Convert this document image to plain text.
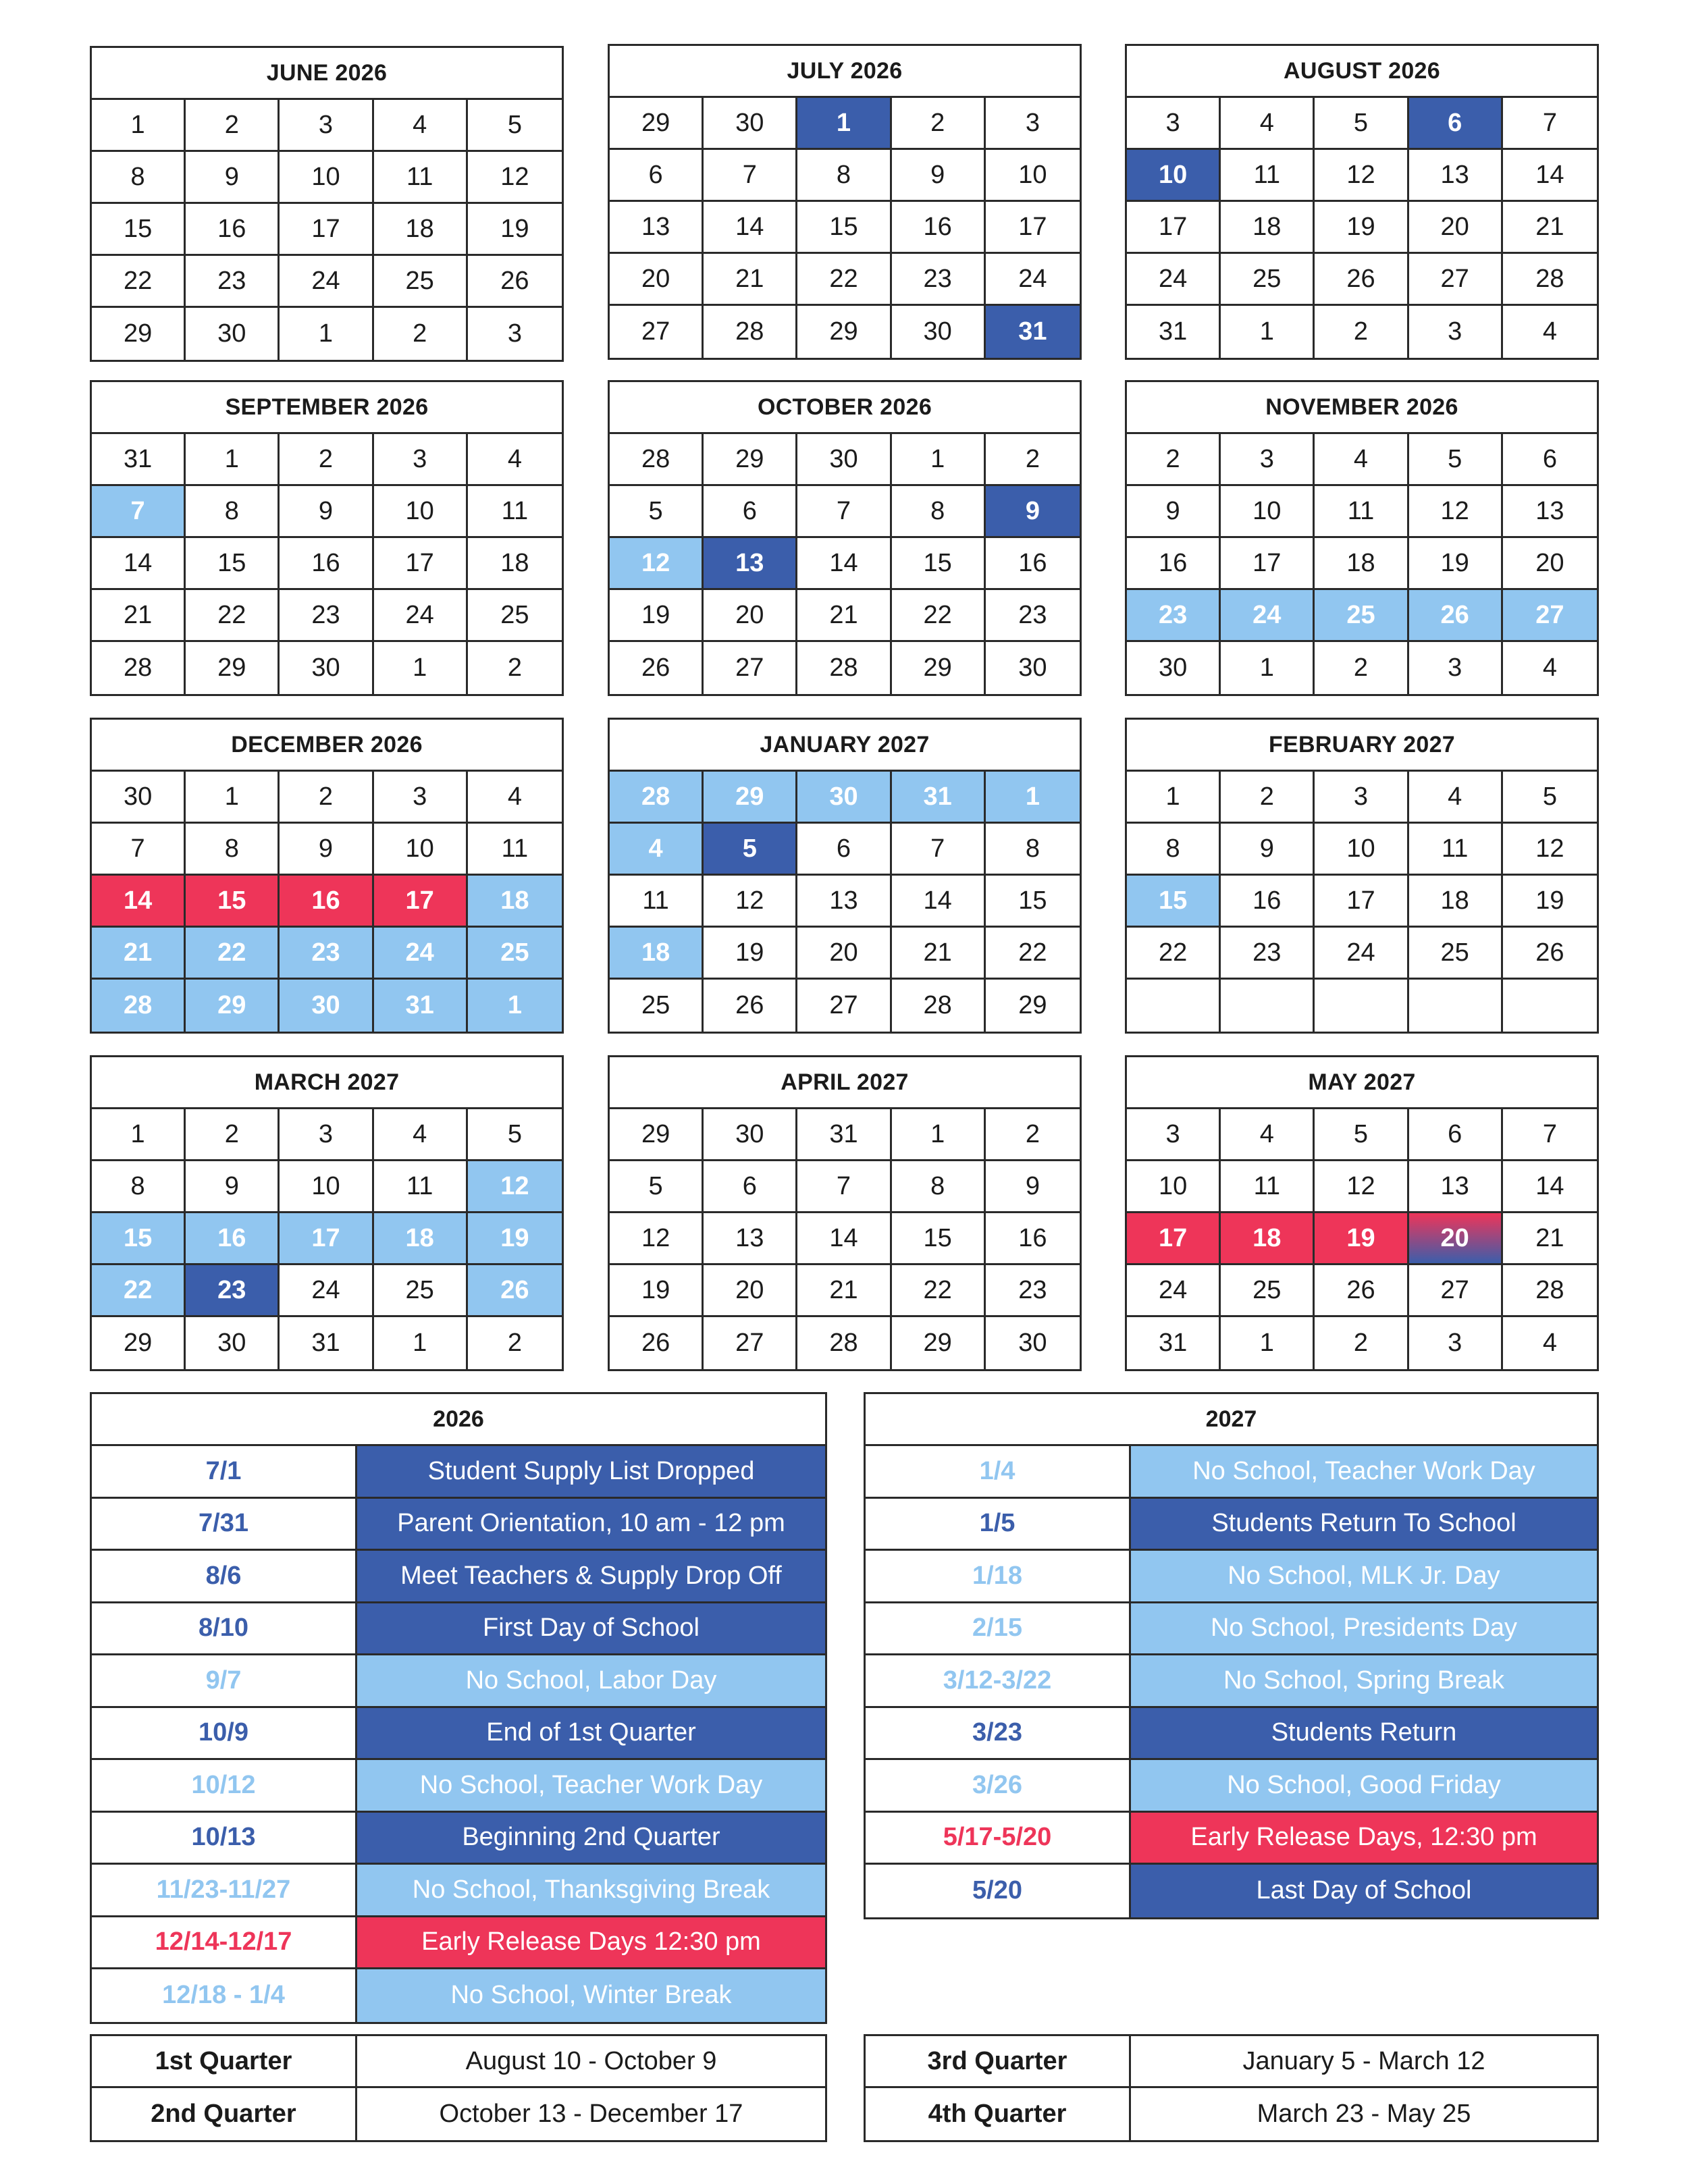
JUNE 2026
1	2	3	4	5
8	9	10	11	12
15	16	17	18	19
22	23	24	25	26
29	30	1	2	3
JULY 2026
29	30	1	2	3
6	7	8	9	10
13	14	15	16	17
20	21	22	23	24
27	28	29	30	31
AUGUST 2026
3	4	5	6	7
10	11	12	13	14
17	18	19	20	21
24	25	26	27	28
31	1	2	3	4
SEPTEMBER 2026
31	1	2	3	4
7	8	9	10	11
14	15	16	17	18
21	22	23	24	25
28	29	30	1	2
OCTOBER 2026
28	29	30	1	2
5	6	7	8	9
12	13	14	15	16
19	20	21	22	23
26	27	28	29	30
NOVEMBER 2026
2	3	4	5	6
9	10	11	12	13
16	17	18	19	20
23	24	25	26	27
30	1	2	3	4
DECEMBER 2026
30	1	2	3	4
7	8	9	10	11
14	15	16	17	18
21	22	23	24	25
28	29	30	31	1
JANUARY 2027
28	29	30	31	1
4	5	6	7	8
11	12	13	14	15
18	19	20	21	22
25	26	27	28	29
FEBRUARY 2027
1	2	3	4	5
8	9	10	11	12
15	16	17	18	19
22	23	24	25	26
MARCH 2027
1	2	3	4	5
8	9	10	11	12
15	16	17	18	19
22	23	24	25	26
29	30	31	1	2
APRIL 2027
29	30	31	1	2
5	6	7	8	9
12	13	14	15	16
19	20	21	22	23
26	27	28	29	30
MAY 2027
3	4	5	6	7
10	11	12	13	14
17	18	19	20	21
24	25	26	27	28
31	1	2	3	4
2026
7/1	Student Supply List Dropped
7/31	Parent Orientation, 10 am - 12 pm
8/6	Meet Teachers & Supply Drop Off
8/10	First Day of School
9/7	No School, Labor Day
10/9	End of 1st Quarter
10/12	No School, Teacher Work Day
10/13	Beginning 2nd Quarter
11/23-11/27	No School, Thanksgiving Break
12/14-12/17	Early Release Days 12:30 pm
12/18 - 1/4	No School, Winter Break
2027
1/4	No School, Teacher Work Day
1/5	Students Return To School
1/18	No School, MLK Jr. Day
2/15	No School, Presidents Day
3/12-3/22	No School, Spring Break
3/23	Students Return
3/26	No School, Good Friday
5/17-5/20	Early Release Days, 12:30 pm
5/20	Last Day of School
1st Quarter	August 10 - October 9
2nd Quarter	October 13 - December 17
3rd Quarter	January 5 - March 12
4th Quarter	March 23 - May 25
